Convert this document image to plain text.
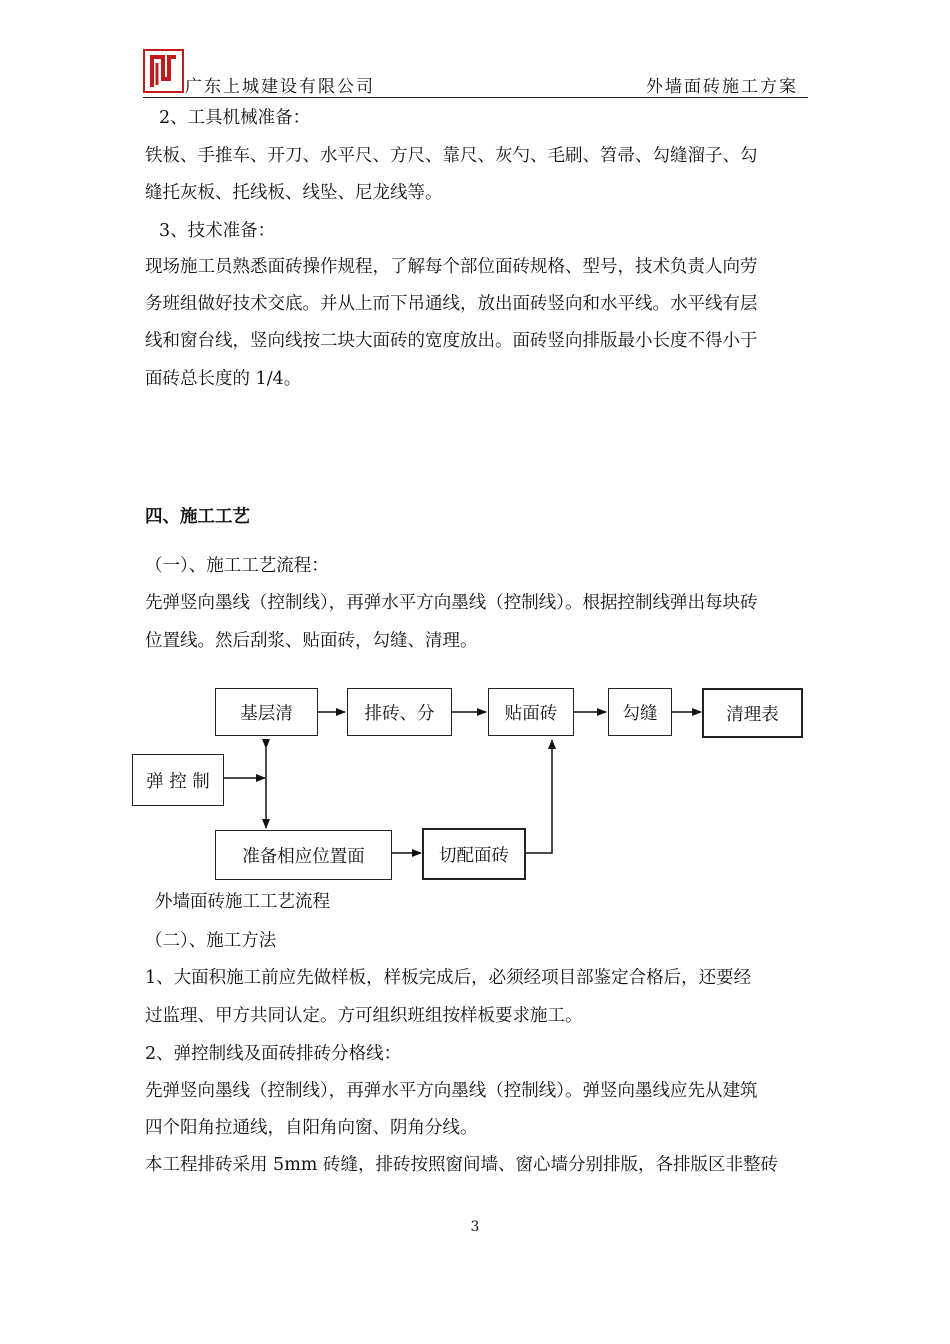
广东上城建设有限公司	外墙面砖施工方案
2、工具机械准备：
铁板、手推车、开刀、水平尺、方尺、靠尺、灰勺、毛刷、笤帚、勾缝溜子、勾
缝托灰板、托线板、线坠、尼龙线等。
3、技术准备：
现场施工员熟悉面砖操作规程，了解每个部位面砖规格、型号，技术负责人向劳
务班组做好技术交底。并从上而下吊通线，放出面砖竖向和水平线。水平线有层
线和窗台线，竖向线按二块大面砖的宽度放出。面砖竖向排版最小长度不得小于
面砖总长度的 1/4。
四、施工工艺
（一）、施工工艺流程：
先弹竖向墨线（控制线），再弹水平方向墨线（控制线）。根据控制线弹出每块砖
位置线。然后刮浆、贴面砖，勾缝、清理。
基层清	排砖、分	贴面砖	勾缝	清理表
弹 控 制
准备相应位置面	切配面砖
外墙面砖施工工艺流程
（二）、施工方法
1、大面积施工前应先做样板，样板完成后，必须经项目部鉴定合格后，还要经
过监理、甲方共同认定。方可组织班组按样板要求施工。
2、弹控制线及面砖排砖分格线：
先弹竖向墨线（控制线），再弹水平方向墨线（控制线）。弹竖向墨线应先从建筑
四个阳角拉通线，自阳角向窗、阴角分线。
本工程排砖采用 5mm 砖缝，排砖按照窗间墙、窗心墙分别排版，各排版区非整砖
3
